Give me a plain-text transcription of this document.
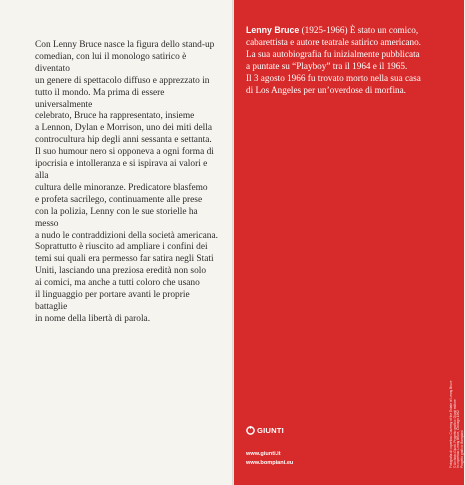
Con Lenny Bruce nasce la figura dello stand-up
comedian, con lui il monologo satirico è diventato
un genere di spettacolo diffuso e apprezzato in
tutto il mondo. Ma prima di essere universalmente
celebrato, Bruce ha rappresentato, insieme
a Lennon, Dylan e Morrison, uno dei miti della
controcultura hip degli anni sessanta e settanta.
Il suo humour nero si opponeva a ogni forma di
ipocrisia e intolleranza e si ispirava ai valori e alla
cultura delle minoranze. Predicatore blasfemo
e profeta sacrilego, continuamente alle prese
con la polizia, Lenny con le sue storielle ha messo
a nudo le contraddizioni della società americana.
Soprattutto è riuscito ad ampliare i confini dei
temi sui quali era permesso far satira negli Stati
Uniti, lasciando una preziosa eredità non solo
ai comici, ma anche a tutti coloro che usano
il linguaggio per portare avanti le proprie battaglie
in nome della libertà di parola.

Lenny Bruce (1925-1966) È stato un comico,
cabarettista e autore teatrale satirico americano.
La sua autobiografia fu inizialmente pubblicata
a puntate su “Playboy” tra il 1964 e il 1965.
Il 3 agosto 1966 fu trovato morto nella sua casa
di Los Angeles per un’overdose di morfina.

GIUNTI
www.giunti.it
www.bompiani.eu	Fotografia di copertina: Courtesy of the Estate of Lenny Bruce
© Archivio Giunti. Progetto grafico: Giunti editore
In copertina: Lenny Bruce, Chicago 1962
Progetto grafico: Bompiani
